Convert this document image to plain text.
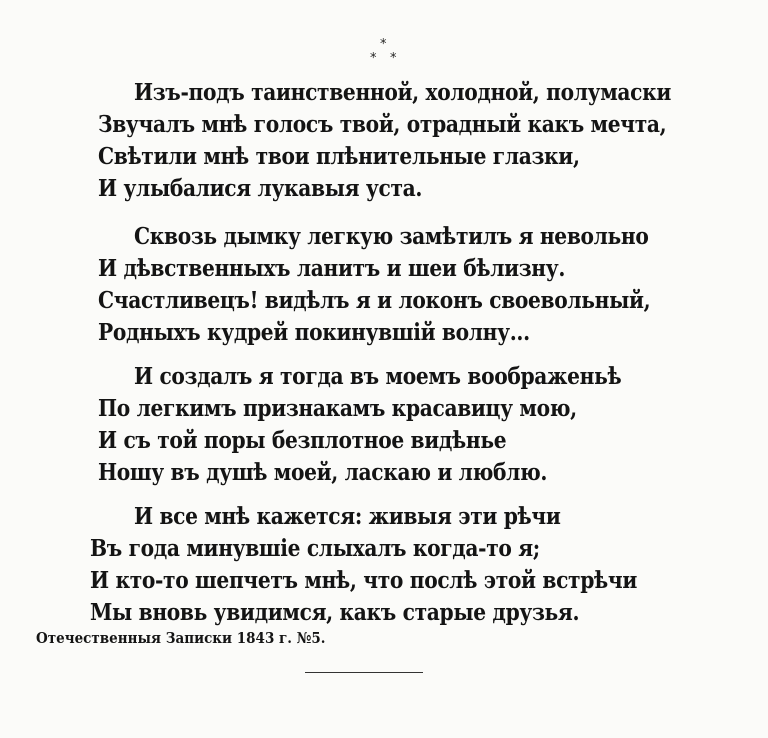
*
* *
Изъ-подъ таинственной, холодной, полумаски
Звучалъ мнѣ голосъ твой, отрадный какъ мечта,
Свѣтили мнѣ твои плѣнительные глазки,
И улыбалися лукавыя уста.
Сквозь дымку легкую замѣтилъ я невольно
И дѣвственныхъ ланитъ и шеи бѣлизну.
Счастливецъ! видѣлъ я и локонъ своевольный,
Родныхъ кудрей покинувшій волну...
И создалъ я тогда въ моемъ воображеньѣ
По легкимъ признакамъ красавицу мою,
И съ той поры безплотное видѣнье
Ношу въ душѣ моей, ласкаю и люблю.
И все мнѣ кажется: живыя эти рѣчи
Въ года минувшіе слыхалъ когда-то я;
И кто-то шепчетъ мнѣ, что послѣ этой встрѣчи
Мы вновь увидимся, какъ старые друзья.
Отечественныя Записки 1843 г. №5.
